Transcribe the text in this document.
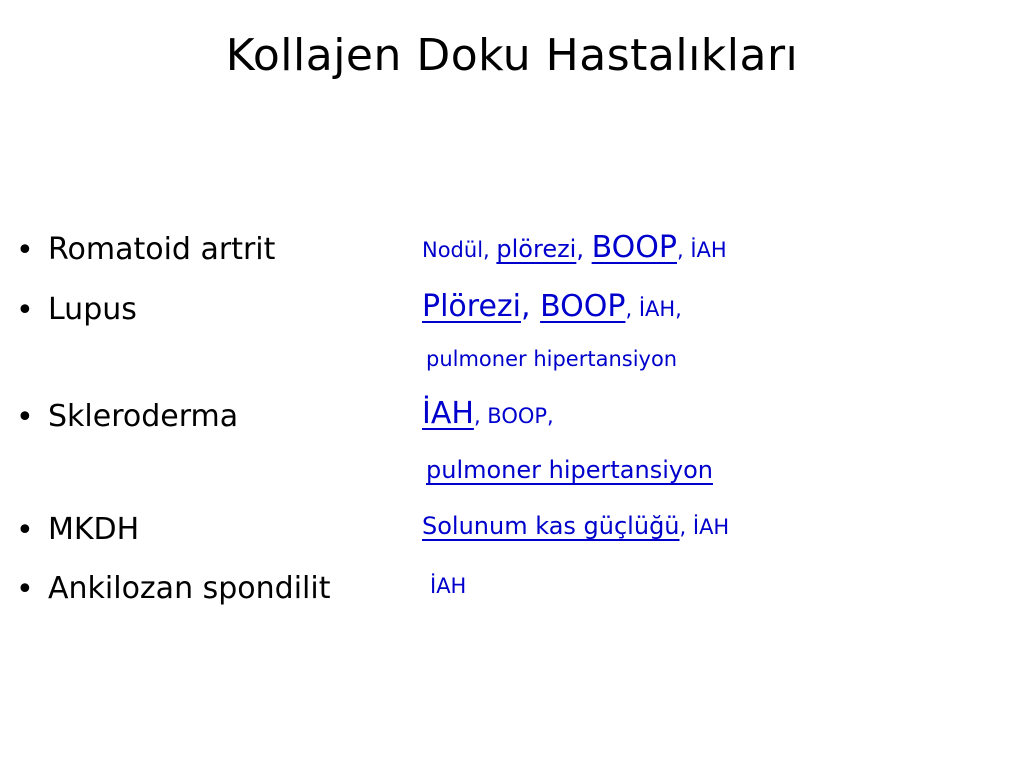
Kollajen Doku Hastalıkları
• Romatoid artrit	Nodül, plörezi, BOOP, İAH
• Lupus	Plörezi, BOOP, İAH,
pulmoner hipertansiyon
• Skleroderma	İAH, BOOP,
pulmoner hipertansiyon
• MKDH	Solunum kas güçlüğü, İAH
• Ankilozan spondilit	İAH
